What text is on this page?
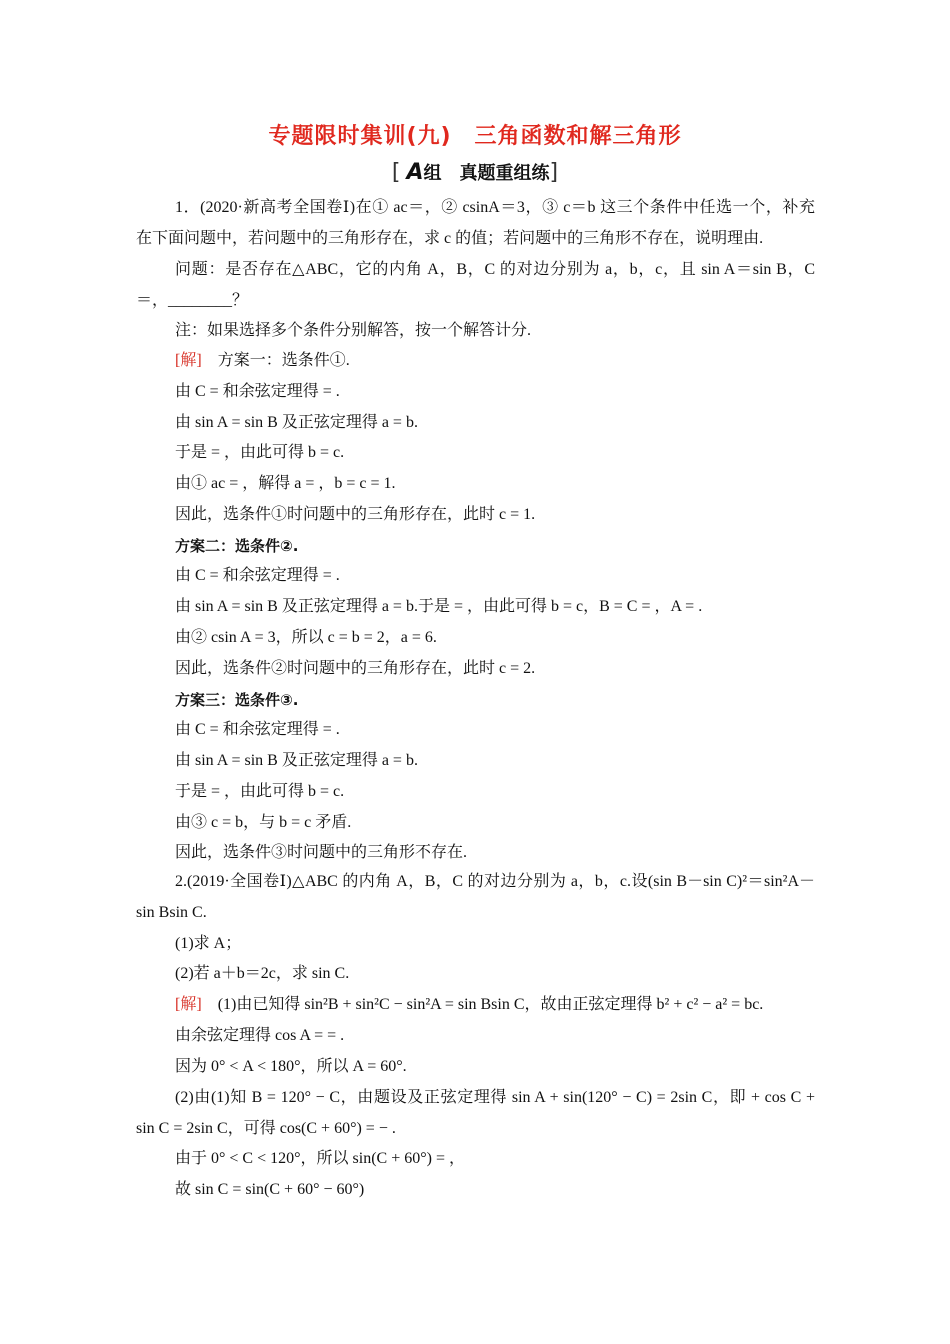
专题限时集训(九)　三角函数和解三角形
[ A组 真题重组练]
1．(2020·新高考全国卷Ⅰ)在① ac＝，② csinA＝3，③ c＝b 这三个条件中任选一个，补充
在下面问题中，若问题中的三角形存在，求 c 的值；若问题中的三角形不存在，说明理由.
问题：是否存在△ABC，它的内角 A，B，C 的对边分别为 a，b，c，且 sin A＝sin B，C
＝，________？
注：如果选择多个条件分别解答，按一个解答计分.
[解]　 方案一：选条件①.
由 C = 和余弦定理得 = .
由 sin A = sin B 及正弦定理得 a = b.
于是 = ，由此可得 b = c.
由① ac = ，解得 a = ，b = c = 1.
因此，选条件①时问题中的三角形存在，此时 c = 1.
方案二：选条件②.
由 C = 和余弦定理得 = .
由 sin A = sin B 及正弦定理得 a = b.于是 = ，由此可得 b = c，B = C = ，A = .
由② csin A = 3，所以 c = b = 2，a = 6.
因此，选条件②时问题中的三角形存在，此时 c = 2.
方案三：选条件③.
由 C = 和余弦定理得 = .
由 sin A = sin B 及正弦定理得 a = b.
于是 = ，由此可得 b = c.
由③ c = b，与 b = c 矛盾.
因此，选条件③时问题中的三角形不存在.
2.(2019·全国卷Ⅰ)△ABC 的内角 A，B，C 的对边分别为 a，b，c.设(sin B－sin C)²＝sin²A－
sin Bsin C.
(1)求 A；
(2)若 a＋b＝2c，求 sin C.
[解]　 (1)由已知得 sin²B + sin²C − sin²A = sin Bsin C，故由正弦定理得 b² + c² − a² = bc.
由余弦定理得 cos A = = .
因为 0° < A < 180°，所以 A = 60°.
(2)由(1)知 B = 120° − C，由题设及正弦定理得 sin A + sin(120° − C) = 2sin C，即 + cos C +
sin C = 2sin C，可得 cos(C + 60°) = − .
由于 0° < C < 120°，所以 sin(C + 60°) = ，
故 sin C = sin(C + 60° − 60°)
